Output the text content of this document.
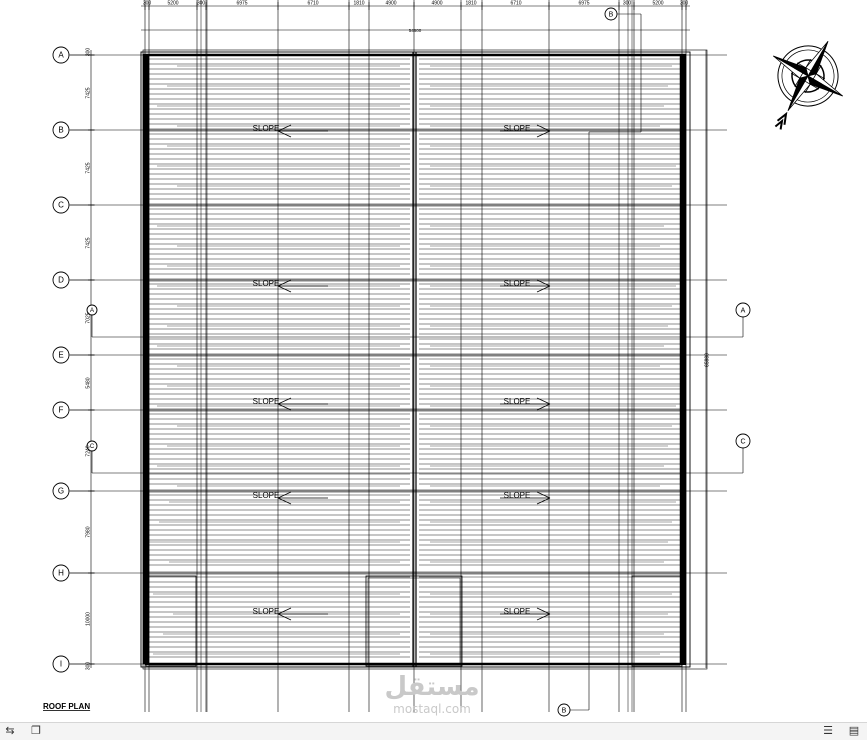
300	5200	300	6975	6710	1810	4900	4900	1810	6710	6975	300	5200	300
54600
A
B
C
D
E
F
G
H
I
300
7425
7425
7425
7025
5480
7240
7980
10000
300
65980
SLOPE	SLOPE
SLOPE	SLOPE
SLOPE	SLOPE
SLOPE	SLOPE
SLOPE	SLOPE
A	A
C
C
B
B
ROOF PLAN
مستقل
mostaql.com
⇆	❐	☰ ▤
